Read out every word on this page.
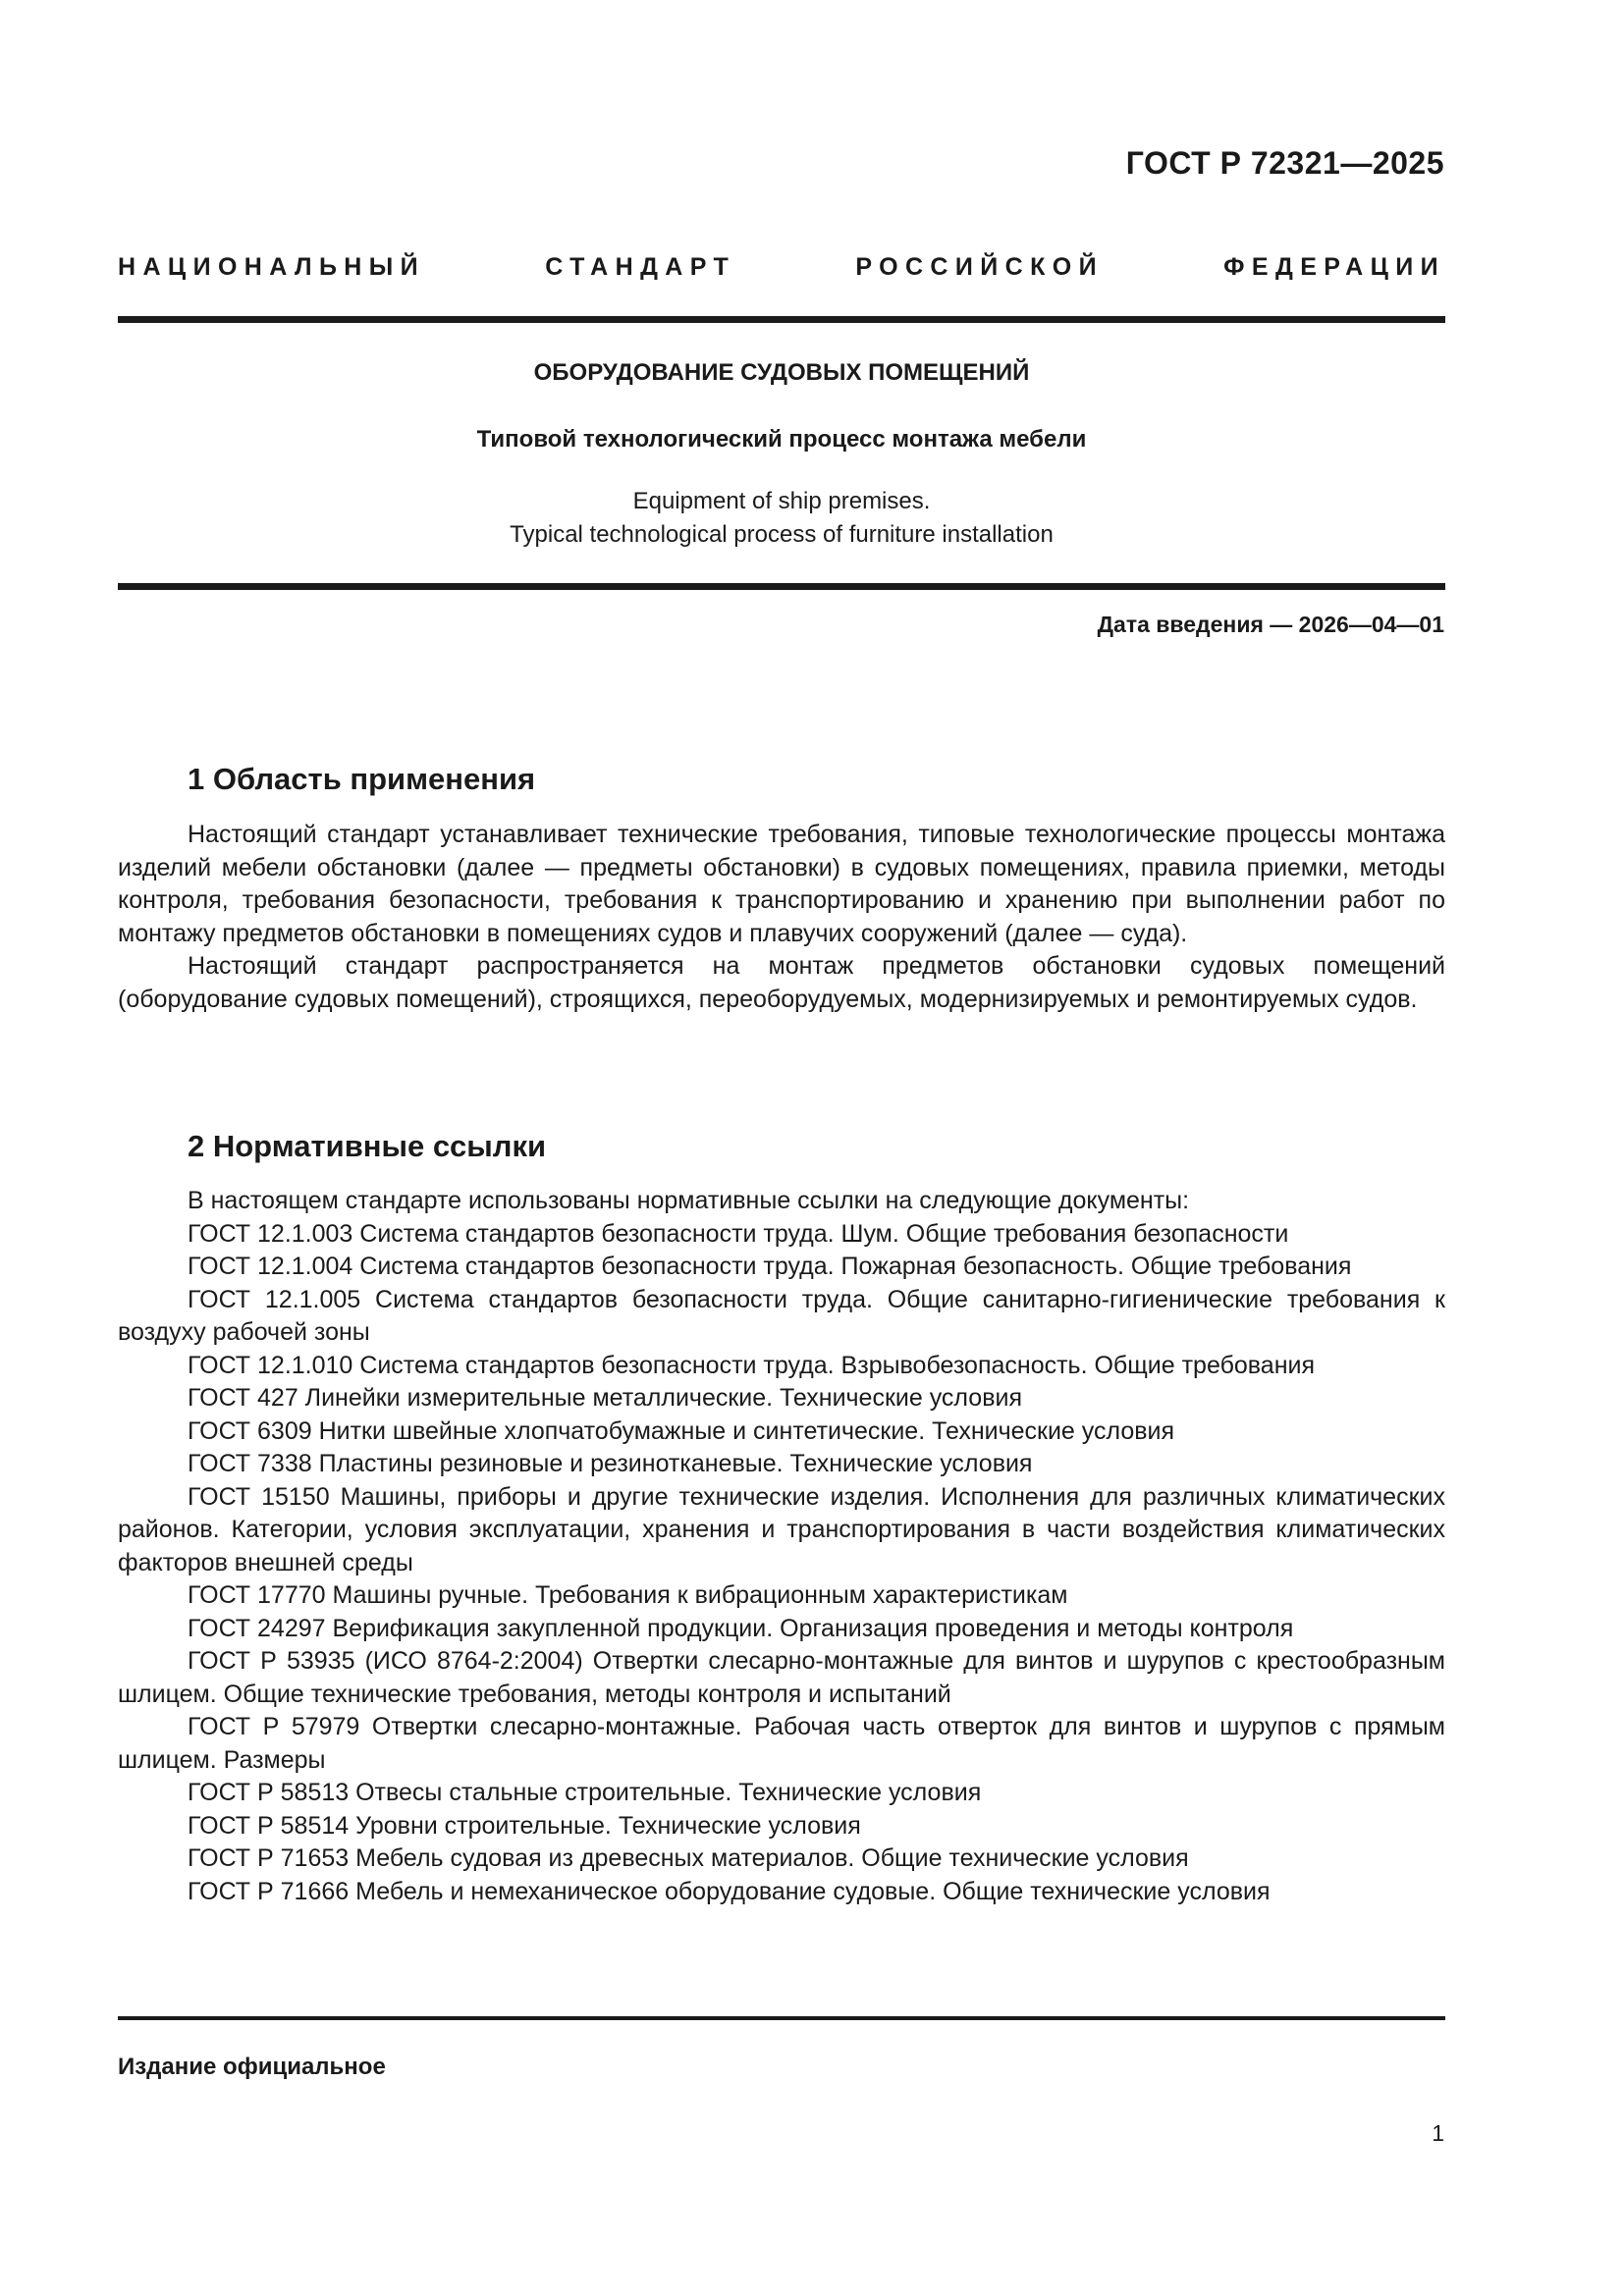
ГОСТ Р 72321—2025
НАЦИОНАЛЬНЫЙ СТАНДАРТ РОССИЙСКОЙ ФЕДЕРАЦИИ
ОБОРУДОВАНИЕ СУДОВЫХ ПОМЕЩЕНИЙ
Типовой технологический процесс монтажа мебели
Equipment of ship premises.
Typical technological process of furniture installation
Дата введения — 2026—04—01
1 Область применения

Настоящий стандарт устанавливает технические требования, типовые технологические процессы монтажа изделий мебели обстановки (далее — предметы обстановки) в судовых помещениях, правила приемки, методы контроля, требования безопасности, требования к транспортированию и хранению при выполнении работ по монтажу предметов обстановки в помещениях судов и плавучих сооружений (далее — суда).

Настоящий стандарт распространяется на монтаж предметов обстановки судовых помещений (оборудование судовых помещений), строящихся, переоборудуемых, модернизируемых и ремонтируемых судов.

2 Нормативные ссылки

В настоящем стандарте использованы нормативные ссылки на следующие документы:

ГОСТ 12.1.003 Система стандартов безопасности труда. Шум. Общие требования безопасности

ГОСТ 12.1.004 Система стандартов безопасности труда. Пожарная безопасность. Общие требования

ГОСТ 12.1.005 Система стандартов безопасности труда. Общие санитарно-гигиенические требования к воздуху рабочей зоны

ГОСТ 12.1.010 Система стандартов безопасности труда. Взрывобезопасность. Общие требования

ГОСТ 427 Линейки измерительные металлические. Технические условия

ГОСТ 6309 Нитки швейные хлопчатобумажные и синтетические. Технические условия

ГОСТ 7338 Пластины резиновые и резинотканевые. Технические условия

ГОСТ 15150 Машины, приборы и другие технические изделия. Исполнения для различных климатических районов. Категории, условия эксплуатации, хранения и транспортирования в части воздействия климатических факторов внешней среды

ГОСТ 17770 Машины ручные. Требования к вибрационным характеристикам

ГОСТ 24297 Верификация закупленной продукции. Организация проведения и методы контроля

ГОСТ Р 53935 (ИСО 8764-2:2004) Отвертки слесарно-монтажные для винтов и шурупов с крестообразным шлицем. Общие технические требования, методы контроля и испытаний

ГОСТ Р 57979 Отвертки слесарно-монтажные. Рабочая часть отверток для винтов и шурупов с прямым шлицем. Размеры

ГОСТ Р 58513 Отвесы стальные строительные. Технические условия

ГОСТ Р 58514 Уровни строительные. Технические условия

ГОСТ Р 71653 Мебель судовая из древесных материалов. Общие технические условия

ГОСТ Р 71666 Мебель и немеханическое оборудование судовые. Общие технические условия

Издание официальное
1
